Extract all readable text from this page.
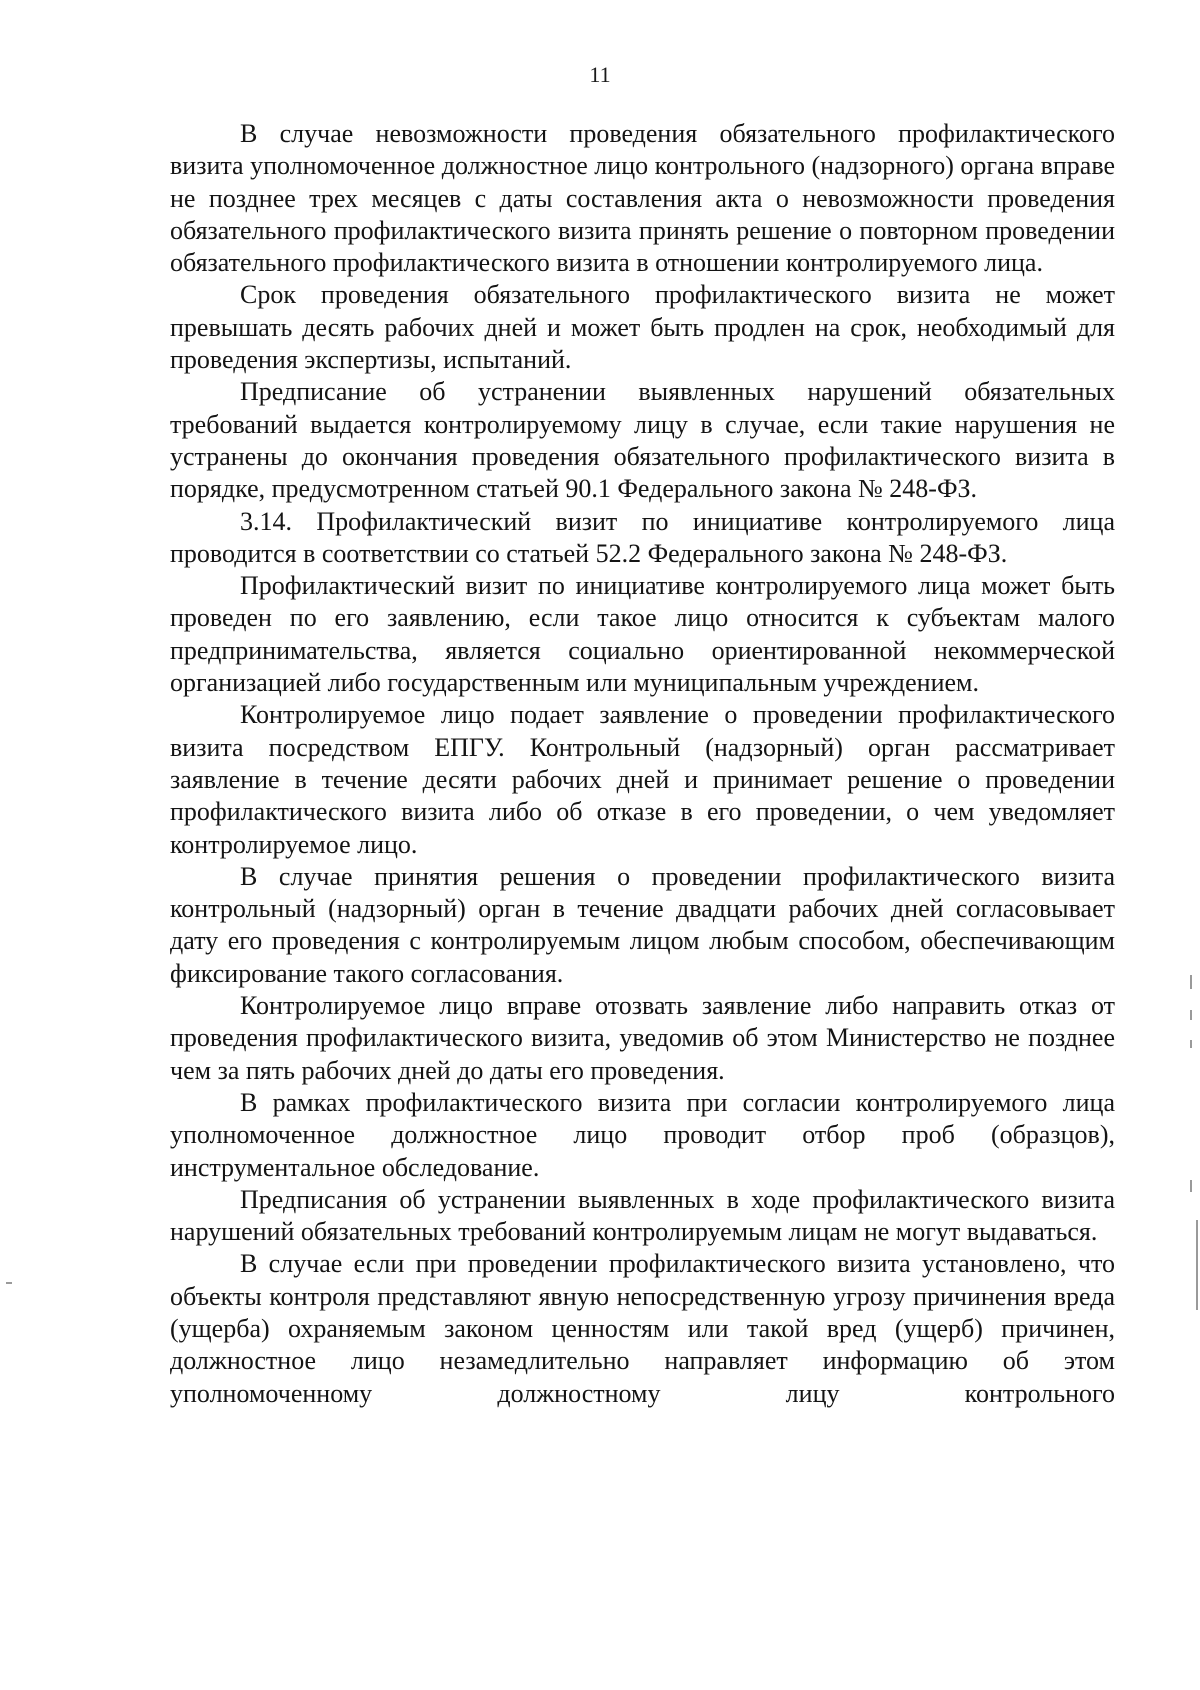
11

В случае невозможности проведения обязательного профилактического визита уполномоченное должностное лицо контрольного (надзорного) органа вправе не позднее трех месяцев с даты составления акта о невозможности проведения обязательного профилактического визита принять решение о повторном проведении обязательного профилактического визита в отношении контролируемого лица.

Срок проведения обязательного профилактического визита не может превышать десять рабочих дней и может быть продлен на срок, необходимый для проведения экспертизы, испытаний.

Предписание об устранении выявленных нарушений обязательных требований выдается контролируемому лицу в случае, если такие нарушения не устранены до окончания проведения обязательного профилактического визита в порядке, предусмотренном статьей 90.1 Федерального закона № 248-ФЗ.

3.14. Профилактический визит по инициативе контролируемого лица проводится в соответствии со статьей 52.2 Федерального закона № 248-ФЗ.

Профилактический визит по инициативе контролируемого лица может быть проведен по его заявлению, если такое лицо относится к субъектам малого предпринимательства, является социально ориентированной некоммерческой организацией либо государственным или муниципальным учреждением.

Контролируемое лицо подает заявление о проведении профилактического визита посредством ЕПГУ. Контрольный (надзорный) орган рассматривает заявление в течение десяти рабочих дней и принимает решение о проведении профилактического визита либо об отказе в его проведении, о чем уведомляет контролируемое лицо.

В случае принятия решения о проведении профилактического визита контрольный (надзорный) орган в течение двадцати рабочих дней согласовывает дату его проведения с контролируемым лицом любым способом, обеспечивающим фиксирование такого согласования.

Контролируемое лицо вправе отозвать заявление либо направить отказ от проведения профилактического визита, уведомив об этом Министерство не позднее чем за пять рабочих дней до даты его проведения.

В рамках профилактического визита при согласии контролируемого лица уполномоченное должностное лицо проводит отбор проб (образцов), инструментальное обследование.

Предписания об устранении выявленных в ходе профилактического визита нарушений обязательных требований контролируемым лицам не могут выдаваться.

В случае если при проведении профилактического визита установлено, что объекты контроля представляют явную непосредственную угрозу причинения вреда (ущерба) охраняемым законом ценностям или такой вред (ущерб) причинен, должностное лицо незамедлительно направляет информацию об этом уполномоченному должностному лицу контрольного
